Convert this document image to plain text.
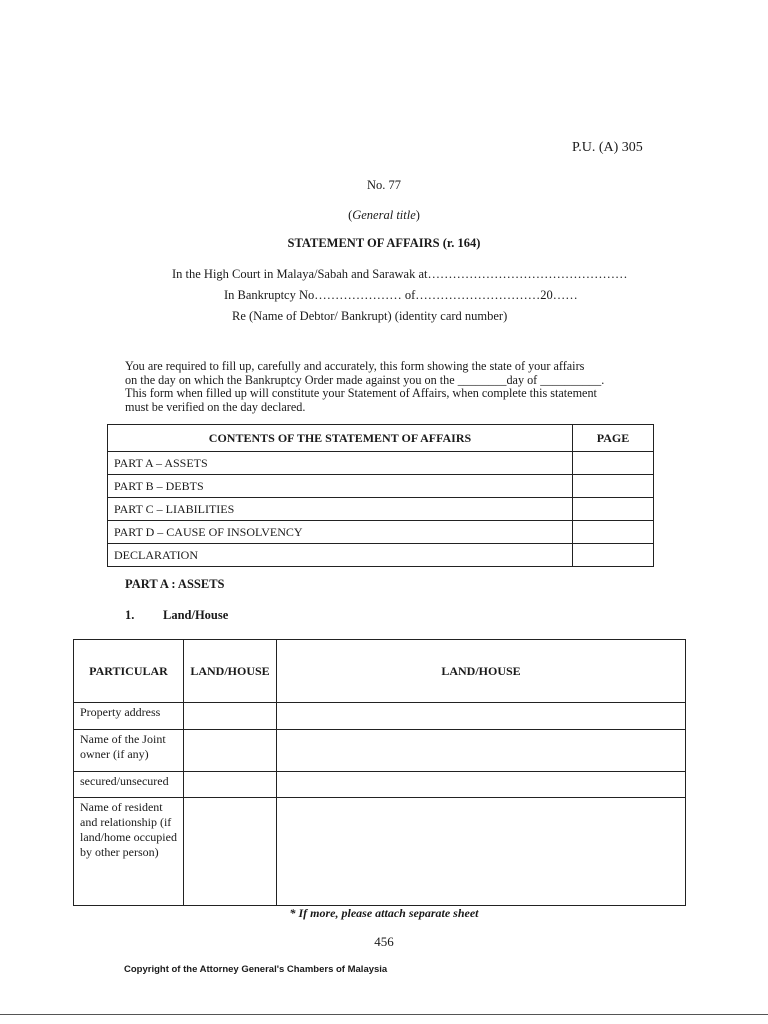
P.U. (A) 305
No. 77
(General title)
STATEMENT OF AFFAIRS (r. 164)
In the High Court in Malaya/Sabah and Sarawak at…………………………………………
In Bankruptcy No………………… of…………………………20……
Re (Name of Debtor/ Bankrupt) (identity card number)
You are required to fill up, carefully and accurately, this form showing the state of your affairs
on the day on which the Bankruptcy Order made against you on the ________day of __________.
This form when filled up will constitute your Statement of Affairs, when complete this statement
must be verified on the day declared.
CONTENTS OF THE STATEMENT OF AFFAIRS	PAGE
PART A – ASSETS	
PART B – DEBTS	
PART C – LIABILITIES	
PART D – CAUSE OF INSOLVENCY	
DECLARATION	
PART A : ASSETS
1. Land/House
PARTICULAR	LAND/HOUSE	LAND/HOUSE
Property address		
Name of the Joint owner (if any)		
secured/unsecured		
Name of resident and relationship (if land/home occupied by other person)		
* If more, please attach separate sheet
456
Copyright of the Attorney General's Chambers of Malaysia
